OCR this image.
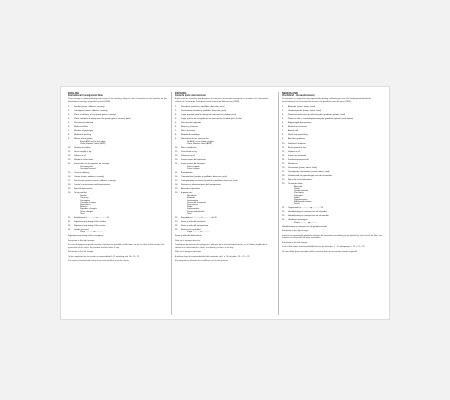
ENGLISH
International Consignment Note
This carriage is notwithstanding any clause to the contrary, subject to the Convention on the contract for the international carriage of goods by road (CMR).
1.	Sender (name, address, country)
2.	Consignee (name, address, country)
3.	Place of delivery of the goods (place, country)
4.	Place and date of taking over the goods (place, country, date)
5.	Documents attached
6.	Marks and Nos
7.	Number of packages
8.	Method of packing
9.	Nature of the goods
Exact ADR on the last edge
Class Number Letter (ADR)
10.	Statistical number
11.	Gross weight in kg
12.	Volume in m³
13.	Sender's instructions
14.	Instructions as to payment for carriage
Carriage paid
Carriage forward
15.	Cash on delivery
16.	Carrier (name, address, country)
17.	Successive carriers (name, address, country)
18.	Carrier's reservations and observations
19.	Special agreements
20.	To be paid by:
Sender
Currency
Consignee
Carriage charges
Deductions
Balance
Supplem. charges
Other charges
Total
21.	Established in ............. on ............. 20
22.	Signature and stamp of the sender
23.	Signature and stamp of the carrier
24.	Goods received
Place ............ on ............
Signature and stamp of the consignee
Exception in the right margin:
In case of dangerous goods mention, besides the possible certification, on the last line of the column: the particulars of the class, the number and the letter, if any.
Exception to the left margin:
To be completed on the sender's responsibility 1-15 including and 19+ 21+ 22.
The spaces framed with heavy lines must be filled in by the carrier.
ESPAÑOL
Carta de porte internacional
A pesar de las cláusulas que disponen lo contrario, el presente transporte se somete a lo Convención relativa al Contrato de Transporte Internacional de Mercancías (CMR).
1.	Remitente (nombre y apellidos, dirección, país)
2.	Destinatario (nombre y apellidos, dirección, país)
3.	Lugar previsto para la entrega de mercancías (ciudad, país)
4.	Lugar y fecha de recogida de las mercancías (ciudad, país, fecha)
5.	Documentos adjuntos
6.	Marcas y números
7.	Núm. de bultos
8.	Método de embalaje
9.	Naturaleza de las mercancías
Se ADR, en el último renglón
Clase Número Letra (ADR)
10.	Núm. estadístico
11.	Peso bruto en kg
12.	Volumen en m³
13.	Instrucciones del remitente
14.	Instrucciones de franqueo
Porte pagado
Porte a pagar
15.	A reembolso
16.	Transportista (nombre y apellidos, dirección, país)
17.	Transportistas sucesivos (nombre y apellidos, dirección, país)
18.	Reservas y observaciones del transportista
19.	Acuerdos especiales
20.	A pagar por:
Remitente
Moneda
Destinatario
Precio del transporte
Descuentos
Saldo
Suplementos
Gastos adicionales
Total
21.	Expedido en ............. el ............. de 20
22.	Firma y sello del remitente
23.	Firma y sello del transportista
24.	Mercancías recibidas
Lugar ............ el ............
Firma y sello del destinatario
Sólo en el margen derecho:
Tratándose de mercancías peligrosas, además de la eventual declaración, en el último renglón de la columna se mencionará la clase, el número y la letra, si los hay.
Sólo en el margen izquierdo:
A rellenar bajo la responsabilidad del remitente: de 1 a 15 incluidos, 19 + 21 + 22.
El transportista rellenará los casilleros con líneas gruesas.
NEDERLAND
Vrachtbrief - Versandocument
Dit transport is, ongeacht enig tegenstrijdig beding, onderworpen aan het Verdrag betreffende de overeenkomst tot internationaal vervoer van goederen over de weg (CMR).
1.	Afzender (naam, adres, land)
2.	Geadresseerde (naam, adres, land)
3.	Plaats bestemd voor de aflevering der goederen (plaats, land)
4.	Plaats en dat. v. inontvangstneming der goederen (plaats, land, datum)
5.	Bijgevoegde documenten
6.	Merken en nummers
7.	Aantal colli
8.	Wijze van verpakking
9.	Aard der goederen
10.	Statistisch nummer
11.	Bruto gewicht in kg
12.	Volume in m³
13.	Instructies afzender
14.	Frankeringsvoorschrift
15.	Rembours
16.	Vervoerder (naam, adres, land)
17.	Opvolgende vervoerders (naam, adres, land)
18.	Voorbehoud en opmerkingen van de vervoerder
19.	Speciale overeenkomsten
20.	Te betalen door:
Afzender
Valuta
Geadresseerde
Vrachtprijs
Kortingen
Saldo
Supplementen
Bijkomende kosten
Totaal
21.	Opgemaakt te ............. op ............. 20
22.	Handtekening en stempel van de afzender
23.	Handtekening en stempel van de vervoerder
24.	Goederen ontvangen
Plaats ............ op ............
Handtekening en stempel van de geadresseerde
Exception in the right margin:
Ingeval van gevaarlijke goederen behalve de eventuele vermelding op de laatste lijn van het vak de klas, het nummer en eventueel de letter vermelden.
Exception in the left margin:
In te vullen onder verantwoordelijkheid van de afzender: 1 - 15 inbegrepen + 19 + 21 + 22.
De met dikke lijnen omrande vakken moeten door de vervoerder worden ingevuld.
